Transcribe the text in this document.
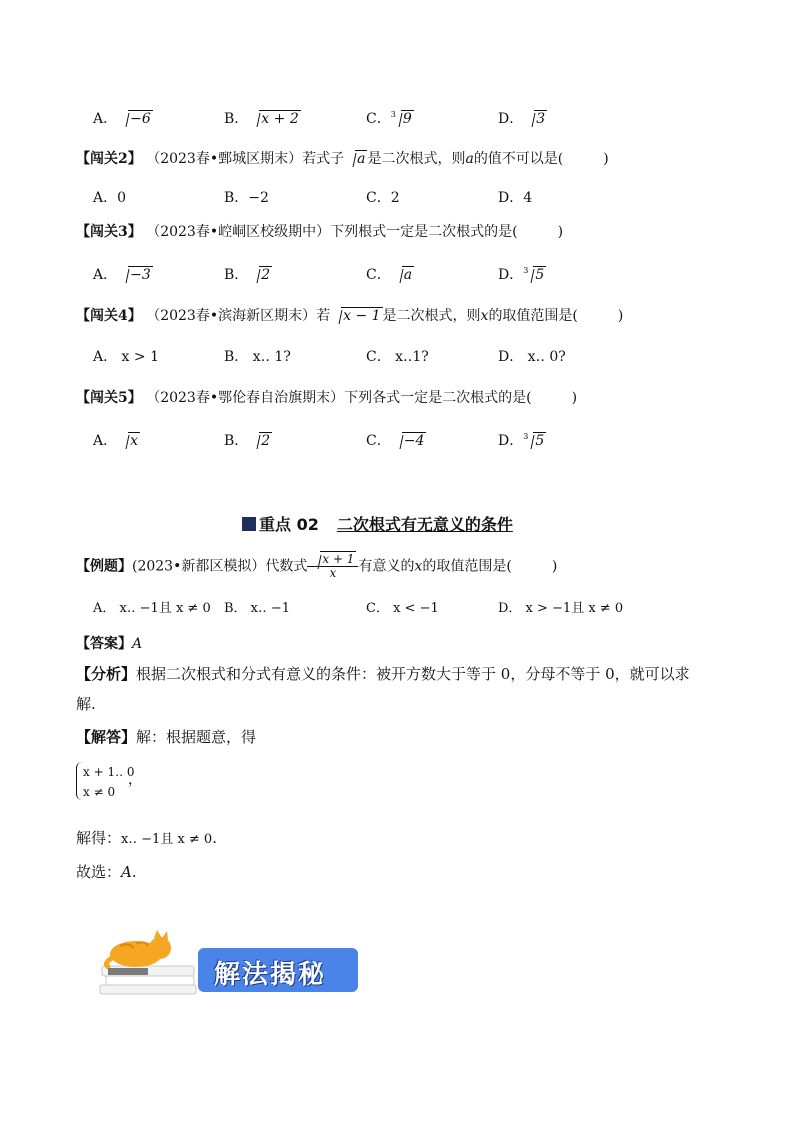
A． −6	B． x + 2	C．$^3$ 9	D． 3
【闯关2】 （2023春•鄄城区期末）若式子 a 是二次根式，则a的值不可以是(	)
A．0	B．−2	C．2	D．4
【闯关3】 （2023春•崆峒区校级期中）下列根式一定是二次根式的是(	)
A． −3	B． 2	C． a	D．$^3$ 5
【闯关4】 （2023春•滨海新区期末）若 x − 1 是二次根式，则x的取值范围是(	)
A． x > 1	B． x‥ 1?	C． x‥1?	D． x‥ 0?
【闯关5】 （2023春•鄂伦春自治旗期末）下列各式一定是二次根式的是(	)
A． x	B． 2	C． −4	D．$^3$ 5
重点 02 二次根式有无意义的条件
【例题】(2023•新都区模拟）代数式 $\frac{x + 1}{x}$ 有意义的x的取值范围是(	)
A． x‥ −1且 x ≠ 0 B． x‥ −1	C． x < −1	D． x > −1且 x ≠ 0
【答案】A
【分析】根据二次根式和分式有意义的条件：被开方数大于等于 0，分母不等于 0，就可以求
解.
【解答】解：根据题意，得
x + 1‥ 0
x ≠ 0
，
解得：x‥ −1且 x ≠ 0.
故选：A.
解法揭秘
